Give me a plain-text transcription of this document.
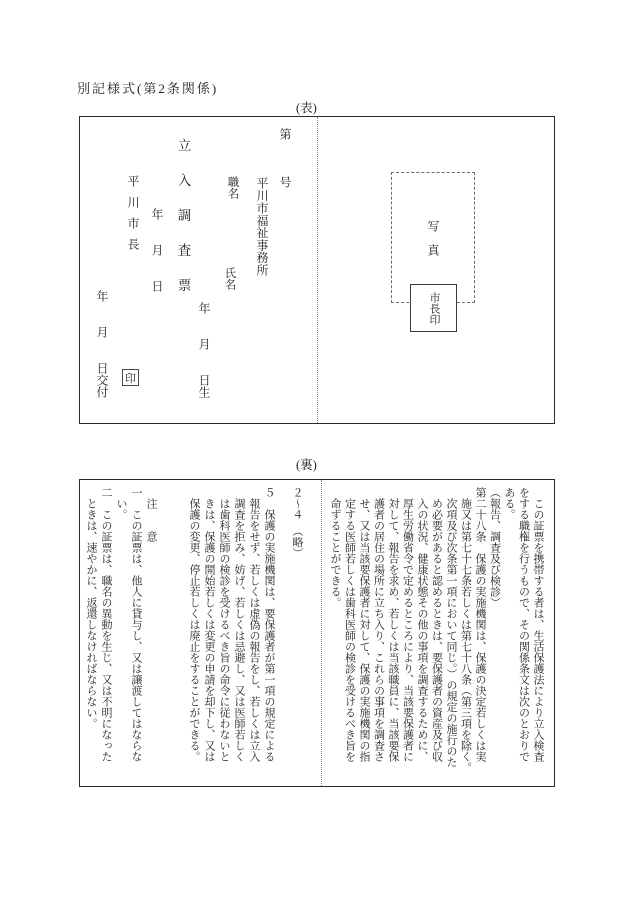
別記様式(第2条関係)
(表)
第　　　号
平川市福祉事務所
職名
氏名
年　　月　　日生
立入調査票
年　　月　　日
平川市長
印
年　　月　　日交付
写　真
市長印
(裏)
　この証票を携帯する者は、生活保護法により立入検査
をする職権を行うもので、その関係条文は次のとおりで
ある。
（報告、調査及び検診）
第二十八条　保護の実施機関は、保護の決定若しくは実
　施又は第七十七条若しくは第七十八条（第三項を除く。
　次項及び次条第一項において同じ。）の規定の施行のた
　め必要があると認めるときは、要保護者の資産及び収
　入の状況、健康状態その他の事項を調査するために、
　厚生労働省令で定めるところにより、当該要保護者に
　対して、報告を求め、若しくは当該職員に、当該要保
　護者の居住の場所に立ち入り、これらの事項を調査さ
　せ、又は当該要保護者に対して、保護の実施機関の指
　定する医師若しくは歯科医師の検診を受けるべき旨を
　命ずることができる。
２〜４　（略）
５　保護の実施機関は、要保護者が第一項の規定による
　報告をせず、若しくは虚偽の報告をし、若しくは立入
　調査を拒み、妨げ、若しくは忌避し、又は医師若しく
　は歯科医師の検診を受けるべき旨の命令に従わないと
　きは、保護の開始若しくは変更の申請を却下し、又は
　保護の変更、停止若しくは廃止をすることができる。
　注　　意
一　この証票は、他人に貸与し、又は譲渡してはならな
　い。
二　この証票は、職名の異動を生じ、又は不明になった
　ときは、速やかに、返還しなければならない。
